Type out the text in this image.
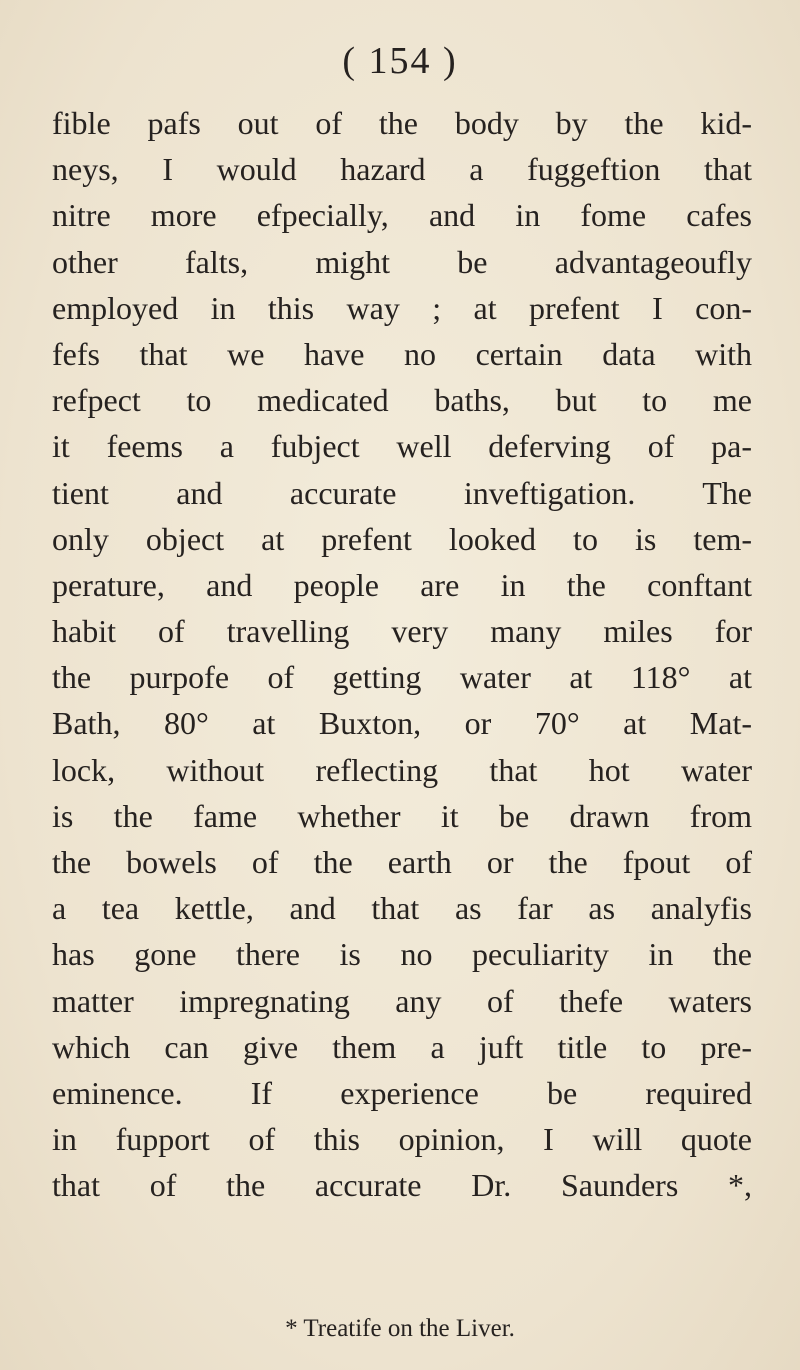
( 154 )
fible pafs out of the body by the kid-
neys, I would hazard a fuggeftion that
nitre more efpecially, and in fome cafes
other falts, might be advantageoufly
employed in this way ; at prefent I con-
fefs that we have no certain data with
refpect to medicated baths, but to me
it feems a fubject well deferving of pa-
tient and accurate inveftigation. The
only object at prefent looked to is tem-
perature, and people are in the conftant
habit of travelling very many miles for
the purpofe of getting water at 118° at
Bath, 80° at Buxton, or 70° at Mat-
lock, without reflecting that hot water
is the fame whether it be drawn from
the bowels of the earth or the fpout of
a tea kettle, and that as far as analyfis
has gone there is no peculiarity in the
matter impregnating any of thefe waters
which can give them a juft title to pre-
eminence. If experience be required
in fupport of this opinion, I will quote
that of the accurate Dr. Saunders *,
* Treatife on the Liver.
